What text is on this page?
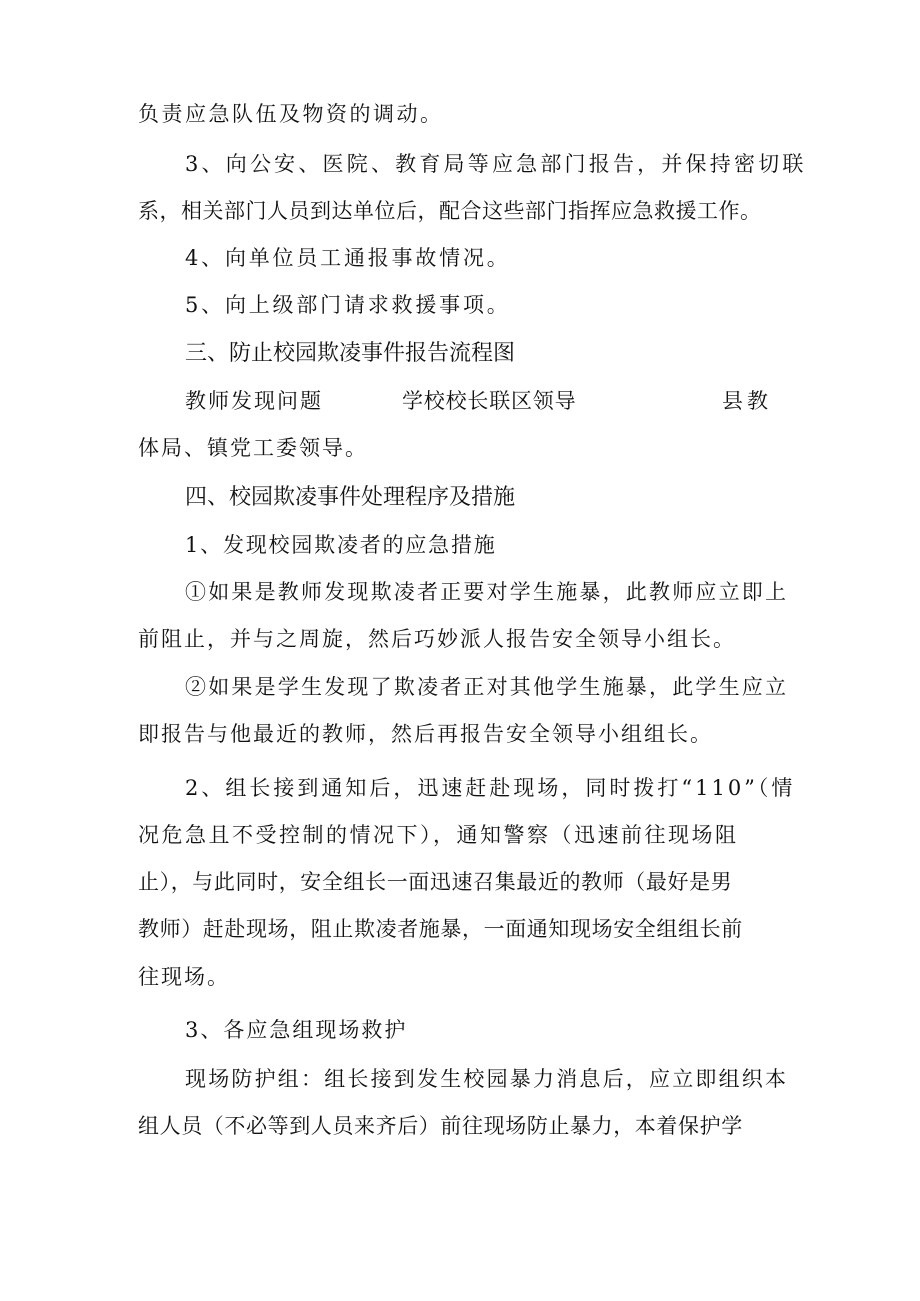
负责应急队伍及物资的调动。
3、向公安、医院、教育局等应急部门报告，并保持密切联
系，相关部门人员到达单位后，配合这些部门指挥应急救援工作。
4、向单位员工通报事故情况。
5、向上级部门请求救援事项。
三、防止校园欺凌事件报告流程图
教师发现问题	学校校长联区领导	县教
体局、镇党工委领导。
四、校园欺凌事件处理程序及措施
1、发现校园欺凌者的应急措施
①如果是教师发现欺凌者正要对学生施暴，此教师应立即上
前阻止，并与之周旋，然后巧妙派人报告安全领导小组长。
②如果是学生发现了欺凌者正对其他学生施暴，此学生应立
即报告与他最近的教师，然后再报告安全领导小组组长。
2、组长接到通知后，迅速赶赴现场，同时拨打“110”（情
况危急且不受控制的情况下），通知警察（迅速前往现场阻
止），与此同时，安全组长一面迅速召集最近的教师（最好是男
教师）赶赴现场，阻止欺凌者施暴，一面通知现场安全组组长前
往现场。
3、各应急组现场救护
现场防护组：组长接到发生校园暴力消息后，应立即组织本
组人员（不必等到人员来齐后）前往现场防止暴力，本着保护学
